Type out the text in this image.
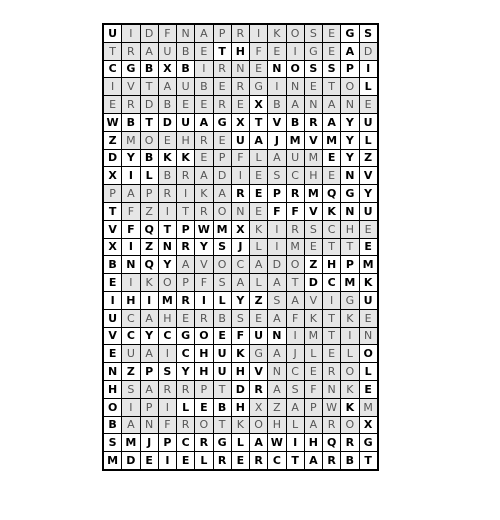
U	I	D	F	N	A	P	R	I	K	O	S	E	G	S
T	R	A	U	B	E	T	H	F	E	I	G	E	A	D
C	G	B	X	B	I	R	N	E	N	O	S	S	P	I
I	V	T	A	U	B	E	R	G	I	N	E	T	O	L
E	R	D	B	E	E	R	E	X	B	A	N	A	N	E
W	B	T	D	U	A	G	X	T	V	B	R	A	Y	U
Z	M	O	E	H	R	E	U	A	J	M	V	M	Y	L
D	Y	B	K	K	E	P	F	L	A	U	M	E	Y	Z
X	I	L	B	R	A	D	I	E	S	C	H	E	N	V
P	A	P	R	I	K	A	R	E	P	R	M	Q	G	Y
T	F	Z	I	T	R	O	N	E	F	F	V	K	N	U
V	F	Q	T	P	W	M	X	K	I	R	S	C	H	E
X	I	Z	N	R	Y	S	J	L	I	M	E	T	T	E
B	N	Q	Y	A	V	O	C	A	D	O	Z	H	P	M
E	I	K	O	P	F	S	A	L	A	T	D	C	M	K
I	H	I	M	R	I	L	Y	Z	S	A	V	I	G	U
U	C	A	H	E	R	B	S	E	A	F	K	T	K	E
V	C	Y	C	G	O	E	F	U	N	I	M	T	I	N
E	U	A	I	C	H	U	K	G	A	J	L	E	L	O
N	Z	P	S	Y	H	U	H	V	N	C	E	R	O	L
H	S	A	R	R	P	T	D	R	A	S	F	N	K	E
O	I	P	I	L	E	B	H	X	Z	A	P	W	K	M
B	A	N	F	R	O	T	K	O	H	L	A	R	O	X
S	M	J	P	C	R	G	L	A	W	I	H	Q	R	G
M	D	E	I	E	L	R	E	R	C	T	A	R	B	T
